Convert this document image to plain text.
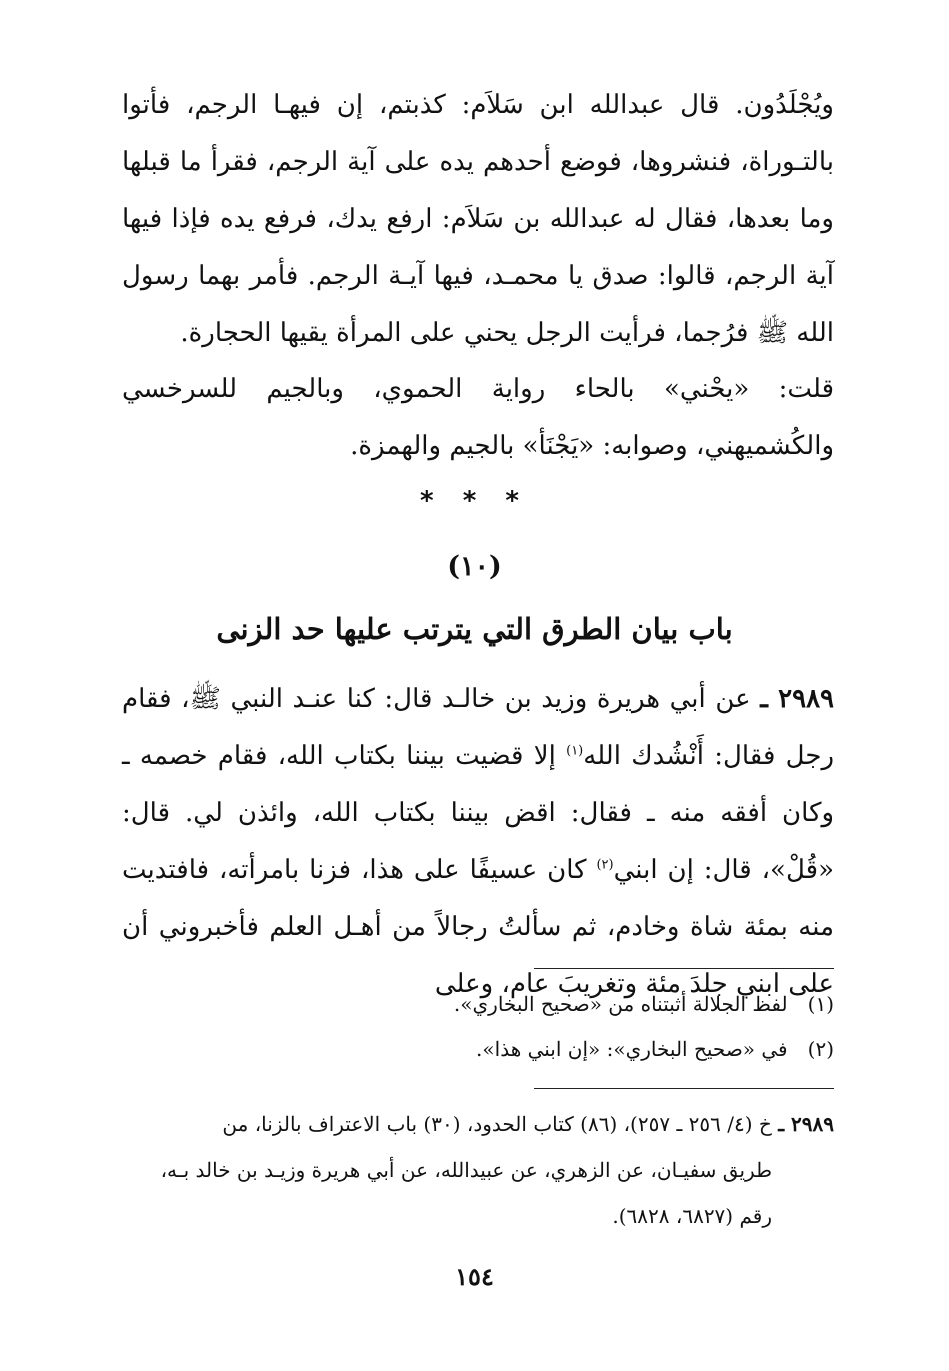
ويُجْلَدُون. قال عبدالله ابن سَلاَم: كذبتم، إن فيهـا الرجم، فأتوا بالتـوراة، فنشروها، فوضع أحدهم يده على آية الرجم، فقرأ ما قبلها وما بعدها، فقال له عبدالله بن سَلاَم: ارفع يدك، فرفع يده فإذا فيها آية الرجم، قالوا: صدق يا محمـد، فيها آيـة الرجم. فأمر بهما رسول الله ﷺ فرُجما، فرأيت الرجل يحني على المرأة يقيها الحجارة.

قلت: «يحْني» بالحاء رواية الحموي، وبالجيم للسرخسي والكُشميهني، وصوابه: «يَجْنَأ» بالجيم والهمزة.

* * *
(١٠)
باب بيان الطرق التي يترتب عليها حد الزنى

٢٩٨٩ ـ عن أبي هريرة وزيد بن خالـد قال: كنا عنـد النبي ﷺ، فقام رجل فقال: أَنْشُدك الله$^{(١)}$ إلا قضيت بيننا بكتاب الله، فقام خصمه ـ وكان أفقه منه ـ فقال: اقض بيننا بكتاب الله، وائذن لي. قال: «قُلْ»، قال: إن ابني$^{(٢)}$ كان عسيفًا على هذا، فزنا بامرأته، فافتديت منه بمئة شاة وخادم، ثم سألتُ رجالاً من أهـل العلم فأخبروني أن على ابني جلدَ مئة وتغريبَ عام، وعلى

(١)لفظ الجلالة أثبتناه من «صحيح البخاري».
(٢)في «صحيح البخاري»: «إن ابني هذا».
٢٩٨٩ ـ خ (٤/ ٢٥٦ ـ ٢٥٧)، (٨٦) كتاب الحدود، (٣٠) باب الاعتراف بالزنا، من
طريق سفيـان، عن الزهري، عن عبيدالله، عن أبي هريرة وزيـد بن خالد بـه،
رقم (٦٨٢٧، ٦٨٢٨).
١٥٤
